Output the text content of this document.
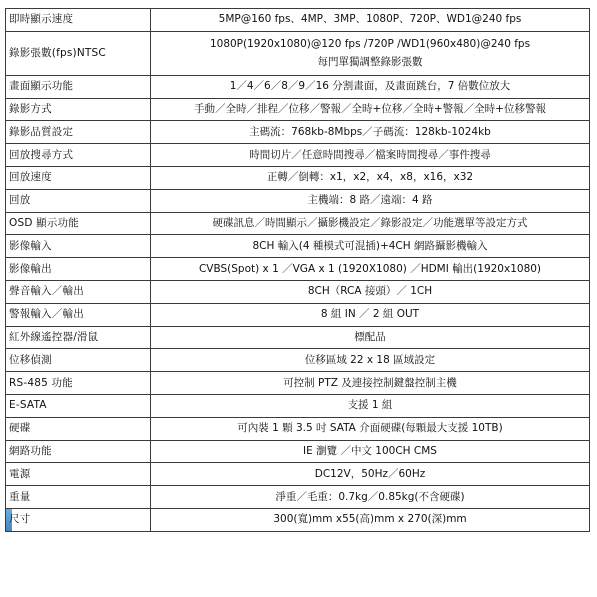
即時顯示速度	5MP@160 fps、4MP、3MP、1080P、720P、WD1@240 fps

錄影張數(fps)NTSC	1080P(1920x1080)@120 fps /720P /WD1(960x480)@240 fps
每門單獨調整錄影張數

畫面顯示功能	1／4／6／8／9／16 分割畫面，及畫面跳台，7 倍數位放大

錄影方式	手動／全時／排程／位移／警報／全時+位移／全時+警報／全時+位移警報

錄影品質設定	主碼流：768kb-8Mbps／子碼流：128kb-1024kb

回放搜尋方式	時間切片／任意時間搜尋／檔案時間搜尋／事件搜尋

回放速度	正轉／倒轉：x1，x2，x4，x8，x16，x32

回放	主機端：8 路／遠端：4 路

OSD 顯示功能	硬碟訊息／時間顯示／攝影機設定／錄影設定／功能選單等設定方式

影像輸入	8CH 輸入(4 種模式可混插)+4CH 網路攝影機輸入

影像輸出	CVBS(Spot) x 1 ／VGA x 1 (1920X1080) ／HDMI 輸出(1920x1080)

聲音輸入／輸出	8CH（RCA 接頭）／ 1CH

警報輸入／輸出	8 組 IN ／ 2 組 OUT

紅外線遙控器/滑鼠	標配品

位移偵測	位移區域 22 x 18 區域設定

RS-485 功能	可控制 PTZ 及連接控制鍵盤控制主機

E-SATA	支援 1 組

硬碟	可內裝 1 顆 3.5 吋 SATA 介面硬碟(每顆最大支援 10TB)

網路功能	IE 瀏覽 ／中文 100CH CMS

電源	DC12V，50Hz／60Hz

重量	淨重／毛重：0.7kg／0.85kg(不含硬碟)

尺寸	300(寬)mm x55(高)mm x 270(深)mm
